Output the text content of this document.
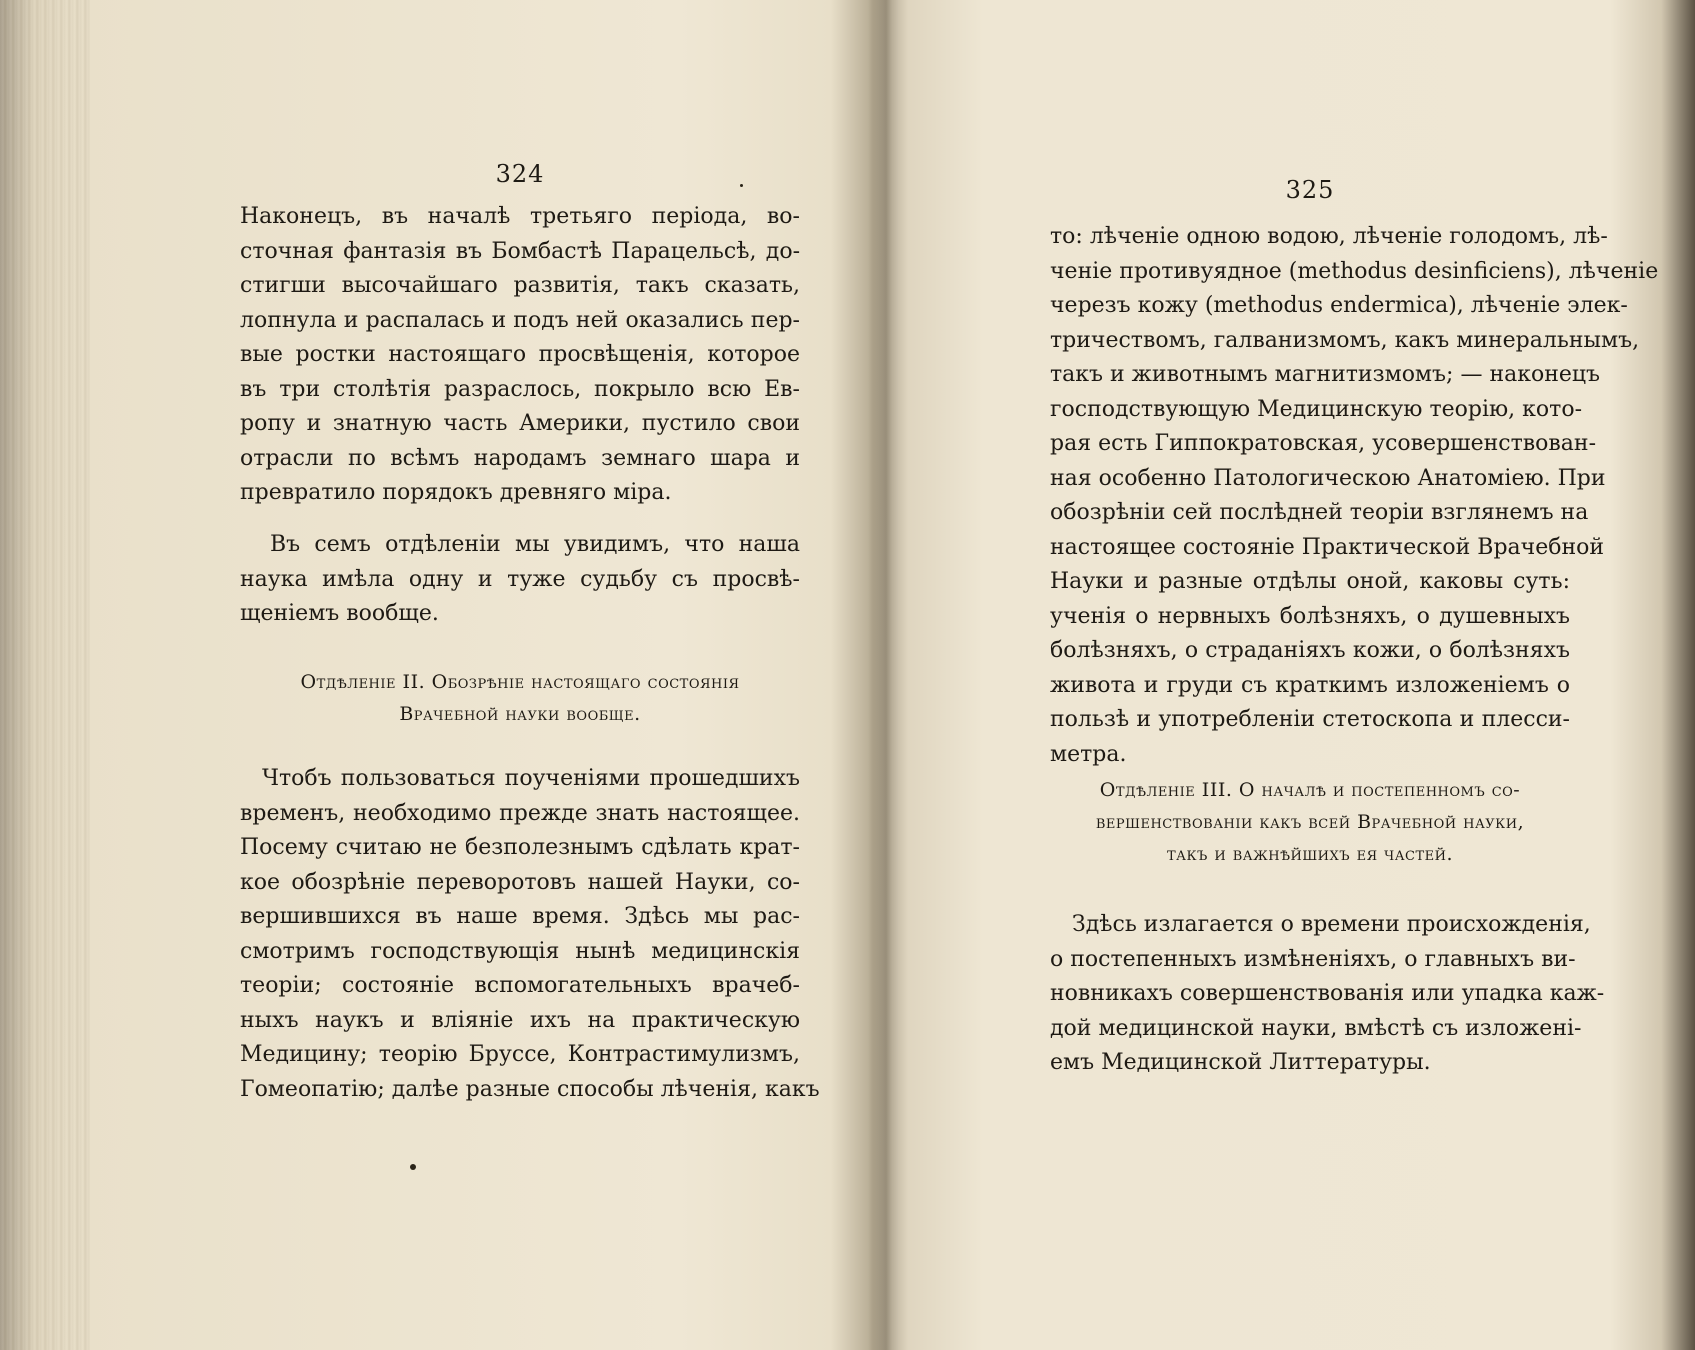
324
Наконецъ, въ началѣ третьяго періода, во-
сточная фантазія въ Бомбастѣ Парацельсѣ, до-
стигши высочайшаго развитія, такъ сказать,
лопнула и распалась и подъ ней оказались пер-
вые ростки настоящаго просвѣщенія, которое
въ три столѣтія разраслось, покрыло всю Ев-
ропу и знатную часть Америки, пустило свои
отрасли по всѣмъ народамъ земнаго шара и
превратило порядокъ древняго міра.
Въ семъ отдѣленіи мы увидимъ, что наша
наука имѣла одну и туже судьбу съ просвѣ-
щеніемъ вообще.
Отдѣленіе II. Обозрѣніе настоящаго состоянія
Врачебной науки вообще.
Чтобъ пользоваться поученіями прошедшихъ
временъ, необходимо прежде знать настоящее.
Посему считаю не безполезнымъ сдѣлать крат-
кое обозрѣніе переворотовъ нашей Науки, со-
вершившихся въ наше время. Здѣсь мы рас-
смотримъ господствующія нынѣ медицинскія
теоріи; состояніе вспомогательныхъ врачеб-
ныхъ наукъ и вліяніе ихъ на практическую
Медицину; теорію Бруссе, Контрастимулизмъ,
Гомеопатію; далѣе разные способы лѣченія, какъ
325
то: лѣченіе одною водою, лѣченіе голодомъ, лѣ-
ченіе противуядное (methodus desinficiens), лѣченіе
черезъ кожу (methodus endermica), лѣченіе элек-
тричествомъ, галванизмомъ, какъ минеральнымъ,
такъ и животнымъ магнитизмомъ; — наконецъ
господствующую Медицинскую теорію, кото-
рая есть Гиппократовская, усовершенствован-
ная особенно Патологическою Анатоміею. При
обозрѣніи сей послѣдней теоріи взглянемъ на
настоящее состояніе Практической Врачебной
Науки и разные отдѣлы оной, каковы суть:
ученія о нервныхъ болѣзняхъ, о душевныхъ
болѣзняхъ, о страданіяхъ кожи, о болѣзняхъ
живота и груди съ краткимъ изложеніемъ о
пользѣ и употребленіи стетоскопа и плесси-
метра.
Отдѣленіе III. О началѣ и постепенномъ со-
вершенствованіи какъ всей Врачебной науки,
такъ и важнѣйшихъ ея частей.
Здѣсь излагается о времени происхожденія,
о постепенныхъ измѣненіяхъ, о главныхъ ви-
новникахъ совершенствованія или упадка каж-
дой медицинской науки, вмѣстѣ съ изложені-
емъ Медицинской Литтературы.
